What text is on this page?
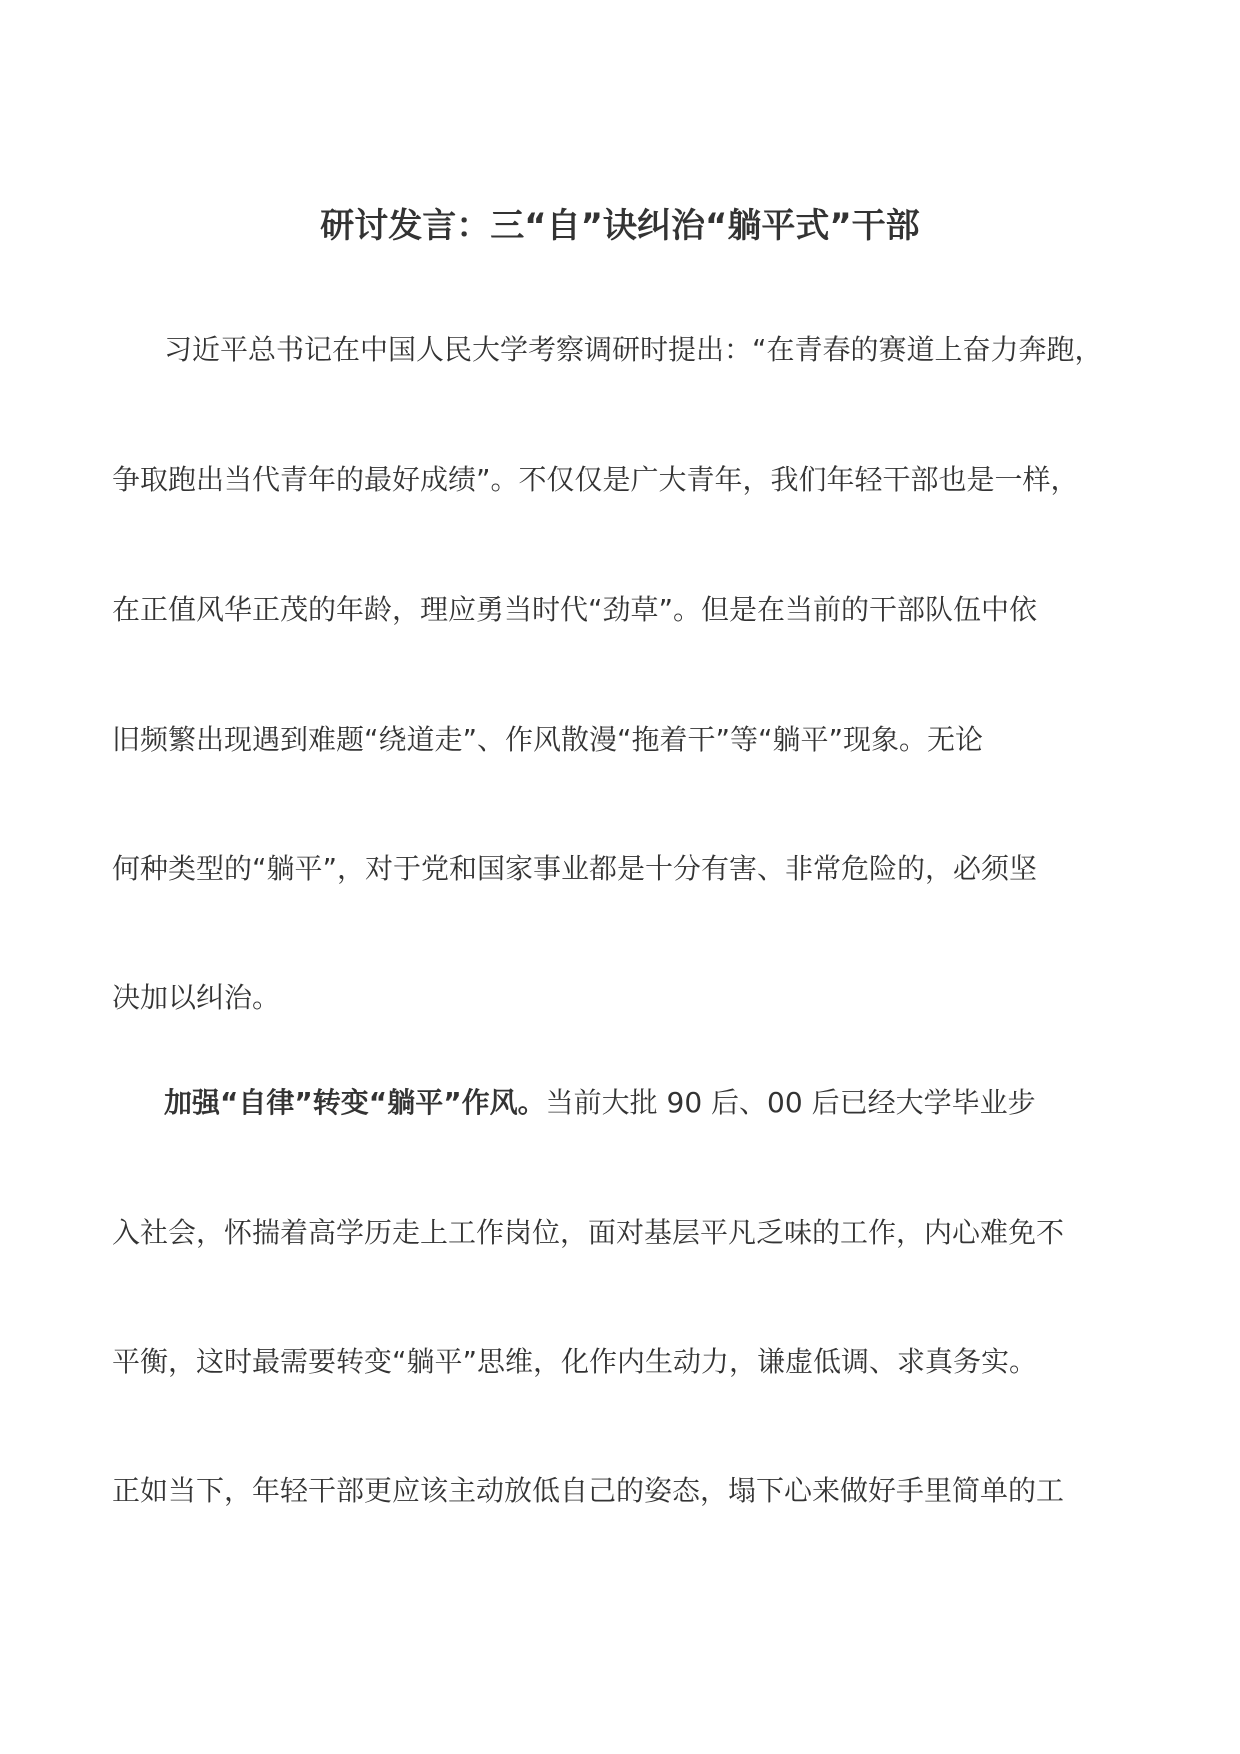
研讨发言：三“自”诀纠治“躺平式”干部
习近平总书记在中国人民大学考察调研时提出：“在青春的赛道上奋力奔跑，
争取跑出当代青年的最好成绩”。不仅仅是广大青年，我们年轻干部也是一样，
在正值风华正茂的年龄，理应勇当时代“劲草”。但是在当前的干部队伍中依
旧频繁出现遇到难题“绕道走”、作风散漫“拖着干”等“躺平”现象。无论
何种类型的“躺平”，对于党和国家事业都是十分有害、非常危险的，必须坚
决加以纠治。
加强“自律”转变“躺平”作风。当前大批 90 后、00 后已经大学毕业步
入社会，怀揣着高学历走上工作岗位，面对基层平凡乏味的工作，内心难免不
平衡，这时最需要转变“躺平”思维，化作内生动力，谦虚低调、求真务实。
正如当下，年轻干部更应该主动放低自己的姿态，塌下心来做好手里简单的工
